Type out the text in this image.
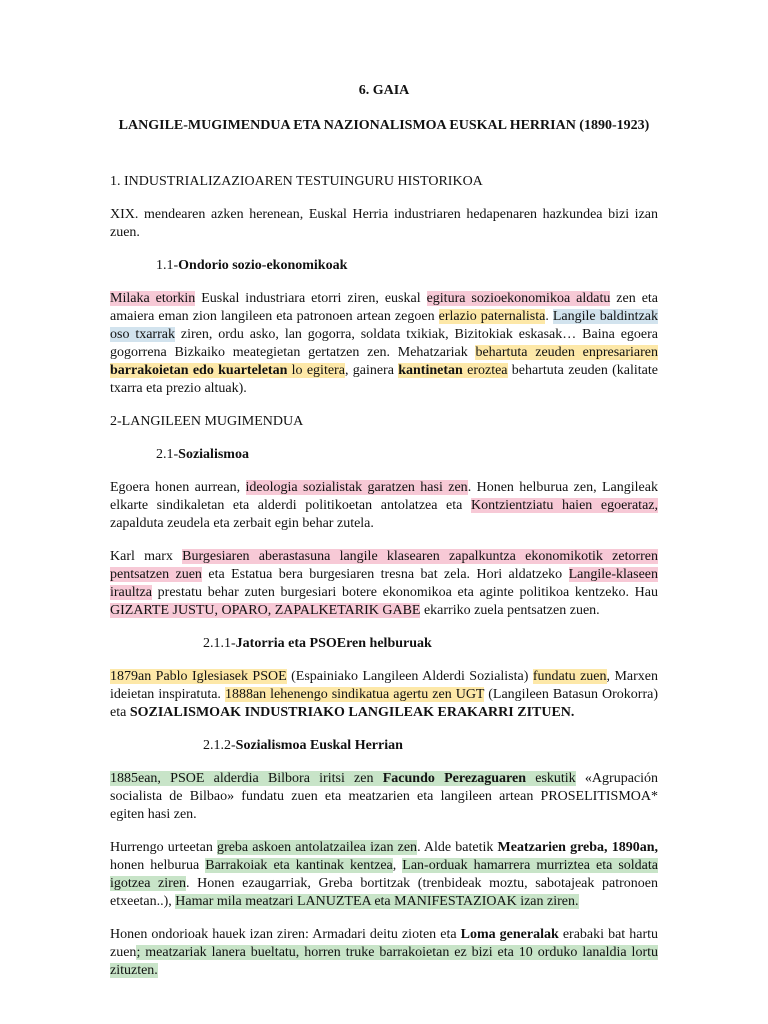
6. GAIA
LANGILE-MUGIMENDUA ETA NAZIONALISMOA EUSKAL HERRIAN (1890-1923)

1. INDUSTRIALIZAZIOAREN TESTUINGURU HISTORIKOA

XIX. mendearen azken herenean, Euskal Herria industriaren hedapenaren hazkundea bizi izan zuen.

1.1-Ondorio sozio-ekonomikoak

Milaka etorkin Euskal industriara etorri ziren, euskal egitura sozioekonomikoa aldatu zen eta amaiera eman zion langileen eta patronoen artean zegoen erlazio paternalista. Langile baldintzak oso txarrak ziren, ordu asko, lan gogorra, soldata txikiak, Bizitokiak eskasak… Baina egoera gogorrena Bizkaiko meategietan gertatzen zen. Mehatzariak behartuta zeuden enpresariaren barrakoietan edo kuarteletan lo egitera, gainera kantinetan eroztea behartuta zeuden (kalitate txarra eta prezio altuak).

2-LANGILEEN MUGIMENDUA

2.1-Sozialismoa

Egoera honen aurrean, ideologia sozialistak garatzen hasi zen. Honen helburua zen, Langileak elkarte sindikaletan eta alderdi politikoetan antolatzea eta Kontzientziatu haien egoerataz, zapalduta zeudela eta zerbait egin behar zutela.

Karl marx Burgesiaren aberastasuna langile klasearen zapalkuntza ekonomikotik zetorren pentsatzen zuen eta Estatua bera burgesiaren tresna bat zela. Hori aldatzeko Langile-klaseen iraultza prestatu behar zuten burgesiari botere ekonomikoa eta aginte politikoa kentzeko. Hau GIZARTE JUSTU, OPARO, ZAPALKETARIK GABE ekarriko zuela pentsatzen zuen.

2.1.1-Jatorria eta PSOEren helburuak

1879an Pablo Iglesiasek PSOE (Espainiako Langileen Alderdi Sozialista) fundatu zuen, Marxen ideietan inspiratuta. 1888an lehenengo sindikatua agertu zen UGT (Langileen Batasun Orokorra) eta SOZIALISMOAK INDUSTRIAKO LANGILEAK ERAKARRI ZITUEN.

2.1.2-Sozialismoa Euskal Herrian

1885ean, PSOE alderdia Bilbora iritsi zen Facundo Perezaguaren eskutik «Agrupación socialista de Bilbao» fundatu zuen eta meatzarien eta langileen artean PROSELITISMOA* egiten hasi zen.

Hurrengo urteetan greba askoen antolatzailea izan zen. Alde batetik Meatzarien greba, 1890an, honen helburua Barrakoiak eta kantinak kentzea, Lan-orduak hamarrera murriztea eta soldata igotzea ziren. Honen ezaugarriak, Greba bortitzak (trenbideak moztu, sabotajeak patronoen etxeetan..), Hamar mila meatzari LANUZTEA eta MANIFESTAZIOAK izan ziren.

Honen ondorioak hauek izan ziren: Armadari deitu zioten eta Loma generalak erabaki bat hartu zuen; meatzariak lanera bueltatu, horren truke barrakoietan ez bizi eta 10 orduko lanaldia lortu zituzten.
